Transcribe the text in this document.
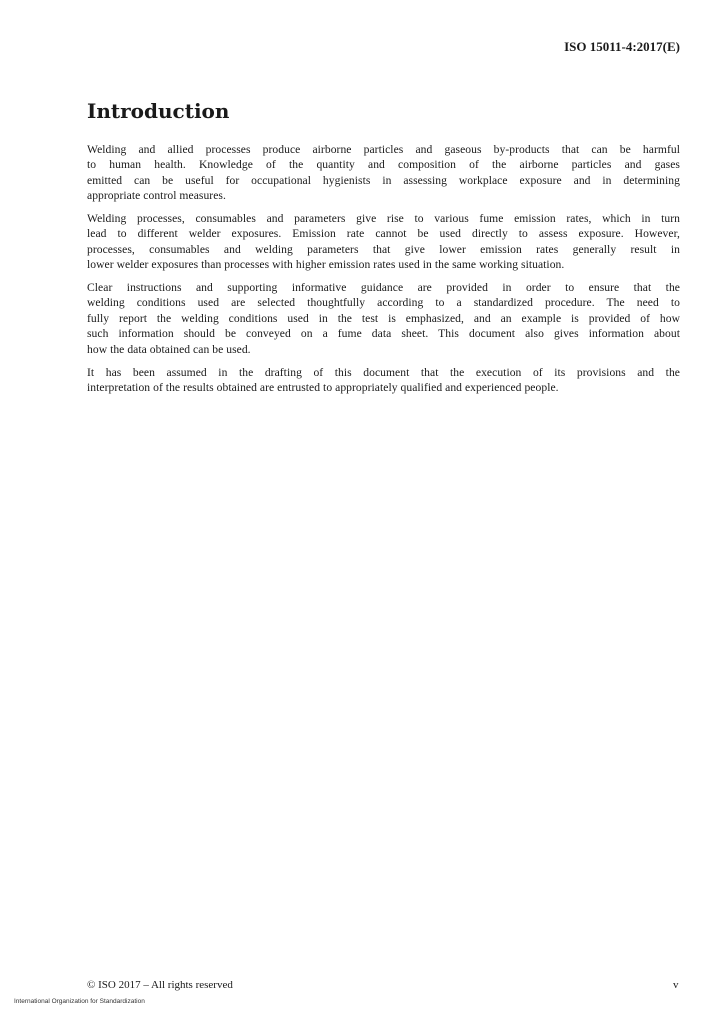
ISO 15011-4:2017(E)
Introduction
Welding and allied processes produce airborne particles and gaseous by-products that can be harmful
to human health. Knowledge of the quantity and composition of the airborne particles and gases
emitted can be useful for occupational hygienists in assessing workplace exposure and in determining
appropriate control measures.
Welding processes, consumables and parameters give rise to various fume emission rates, which in turn
lead to different welder exposures. Emission rate cannot be used directly to assess exposure. However,
processes, consumables and welding parameters that give lower emission rates generally result in
lower welder exposures than processes with higher emission rates used in the same working situation.
Clear instructions and supporting informative guidance are provided in order to ensure that the
welding conditions used are selected thoughtfully according to a standardized procedure. The need to
fully report the welding conditions used in the test is emphasized, and an example is provided of how
such information should be conveyed on a fume data sheet. This document also gives information about
how the data obtained can be used.
It has been assumed in the drafting of this document that the execution of its provisions and the
interpretation of the results obtained are entrusted to appropriately qualified and experienced people.
© ISO 2017 – All rights reserved
International Organization for Standardization
v
